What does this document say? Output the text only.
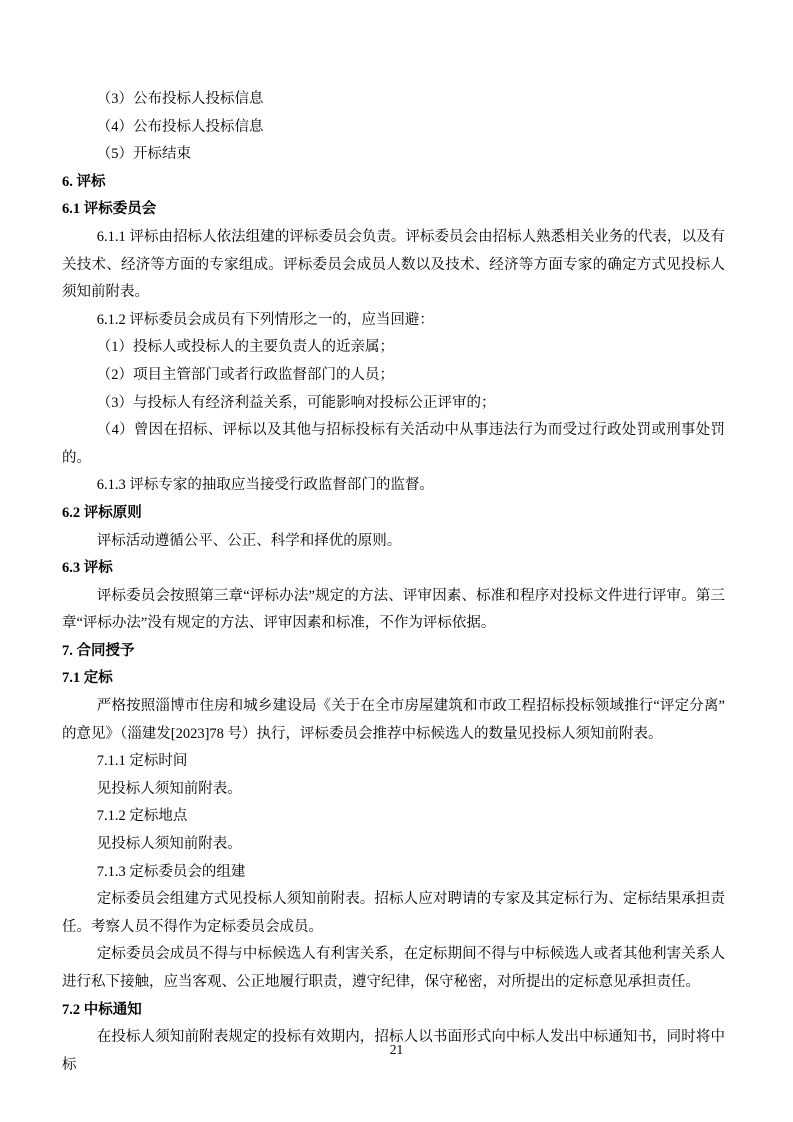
（3）公布投标人投标信息
（4）公布投标人投标信息
（5）开标结束
6. 评标
6.1 评标委员会
6.1.1 评标由招标人依法组建的评标委员会负责。评标委员会由招标人熟悉相关业务的代表，以及有关技术、经济等方面的专家组成。评标委员会成员人数以及技术、经济等方面专家的确定方式见投标人须知前附表。
6.1.2 评标委员会成员有下列情形之一的，应当回避：
（1）投标人或投标人的主要负责人的近亲属；
（2）项目主管部门或者行政监督部门的人员；
（3）与投标人有经济利益关系，可能影响对投标公正评审的；
（4）曾因在招标、评标以及其他与招标投标有关活动中从事违法行为而受过行政处罚或刑事处罚的。
6.1.3 评标专家的抽取应当接受行政监督部门的监督。
6.2 评标原则
评标活动遵循公平、公正、科学和择优的原则。
6.3 评标
评标委员会按照第三章“评标办法”规定的方法、评审因素、标准和程序对投标文件进行评审。第三章“评标办法”没有规定的方法、评审因素和标准，不作为评标依据。
7. 合同授予
7.1 定标
严格按照淄博市住房和城乡建设局《关于在全市房屋建筑和市政工程招标投标领域推行“评定分离”的意见》（淄建发[2023]78 号）执行，评标委员会推荐中标候选人的数量见投标人须知前附表。
7.1.1 定标时间
见投标人须知前附表。
7.1.2 定标地点
见投标人须知前附表。
7.1.3 定标委员会的组建
定标委员会组建方式见投标人须知前附表。招标人应对聘请的专家及其定标行为、定标结果承担责任。考察人员不得作为定标委员会成员。
定标委员会成员不得与中标候选人有利害关系，在定标期间不得与中标候选人或者其他利害关系人进行私下接触，应当客观、公正地履行职责，遵守纪律，保守秘密，对所提出的定标意见承担责任。
7.2 中标通知
在投标人须知前附表规定的投标有效期内，招标人以书面形式向中标人发出中标通知书，同时将中标
21
